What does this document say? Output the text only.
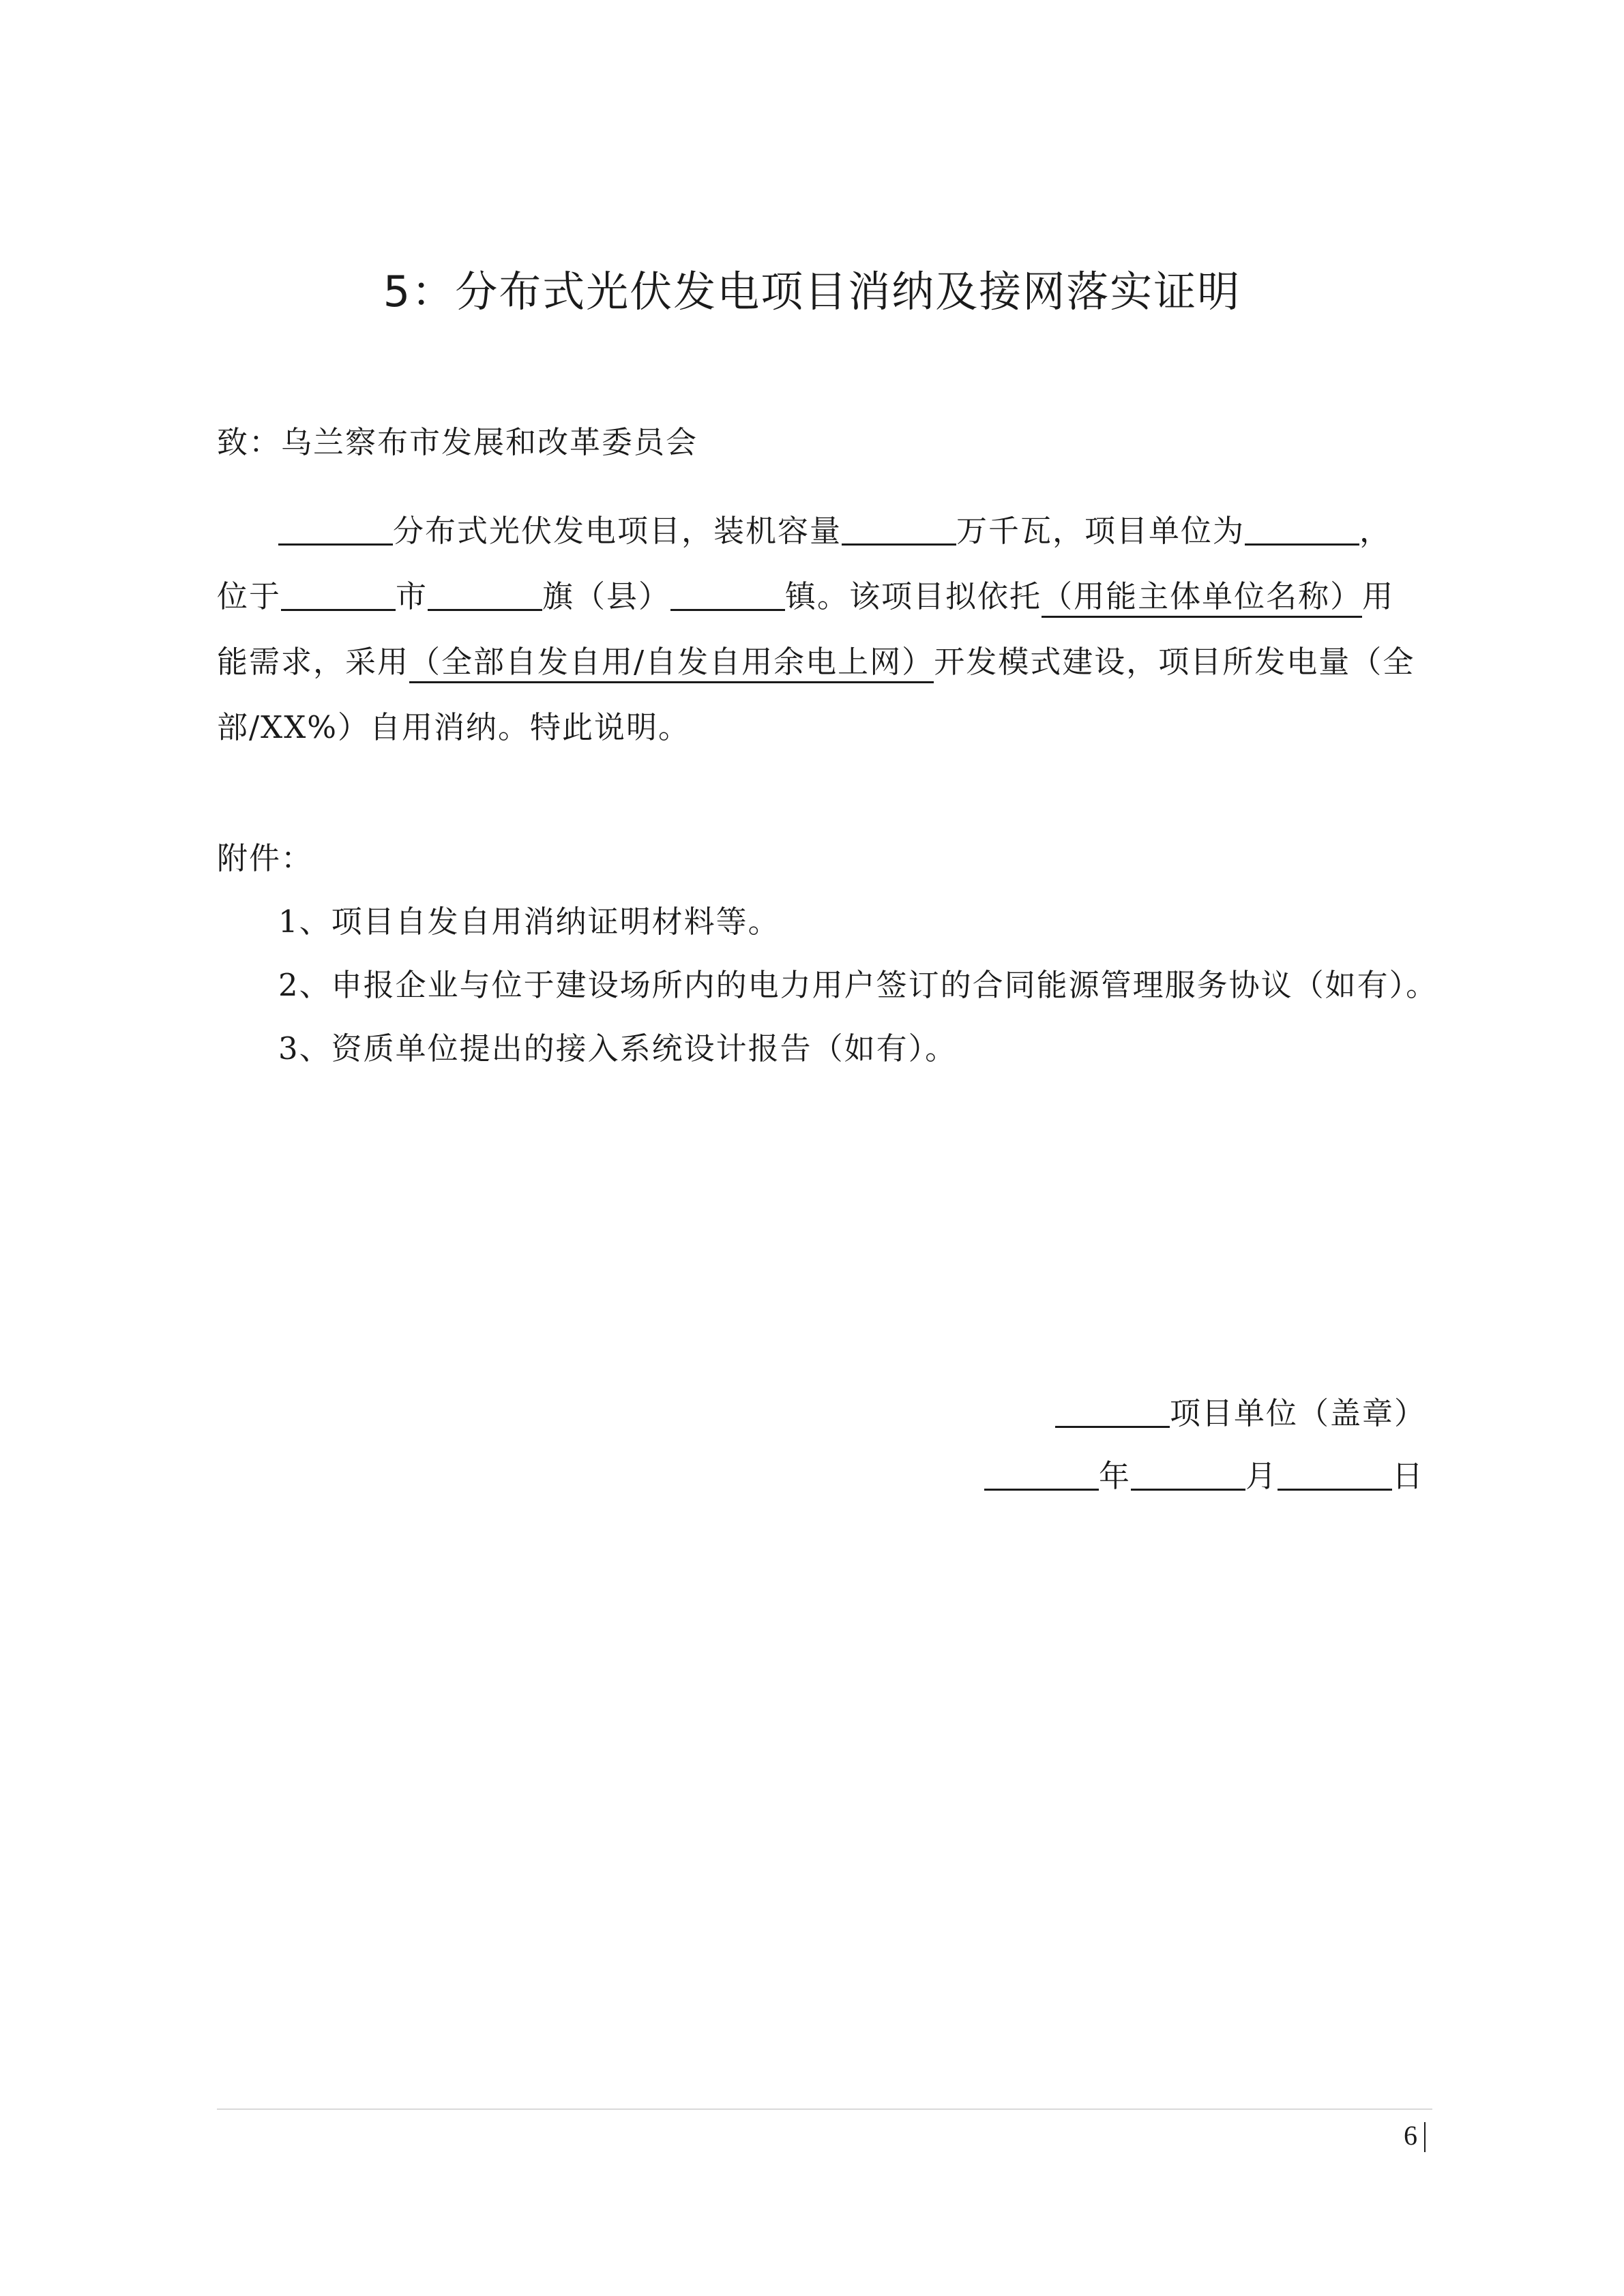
5：分布式光伏发电项目消纳及接网落实证明
致：乌兰察布市发展和改革委员会
分布式光伏发电项目，装机容量	万千瓦，项目单位为	，
位于	市	旗（县）	镇。该项目拟依托（用能主体单位名称）用
能需求，采用（全部自发自用/自发自用余电上网）开发模式建设，项目所发电量（全
部/XX%）自用消纳。特此说明。
附件：
1、项目自发自用消纳证明材料等。
2、申报企业与位于建设场所内的电力用户签订的合同能源管理服务协议（如有）。
3、资质单位提出的接入系统设计报告（如有）。
项目单位（盖章）
年	月	日
6
